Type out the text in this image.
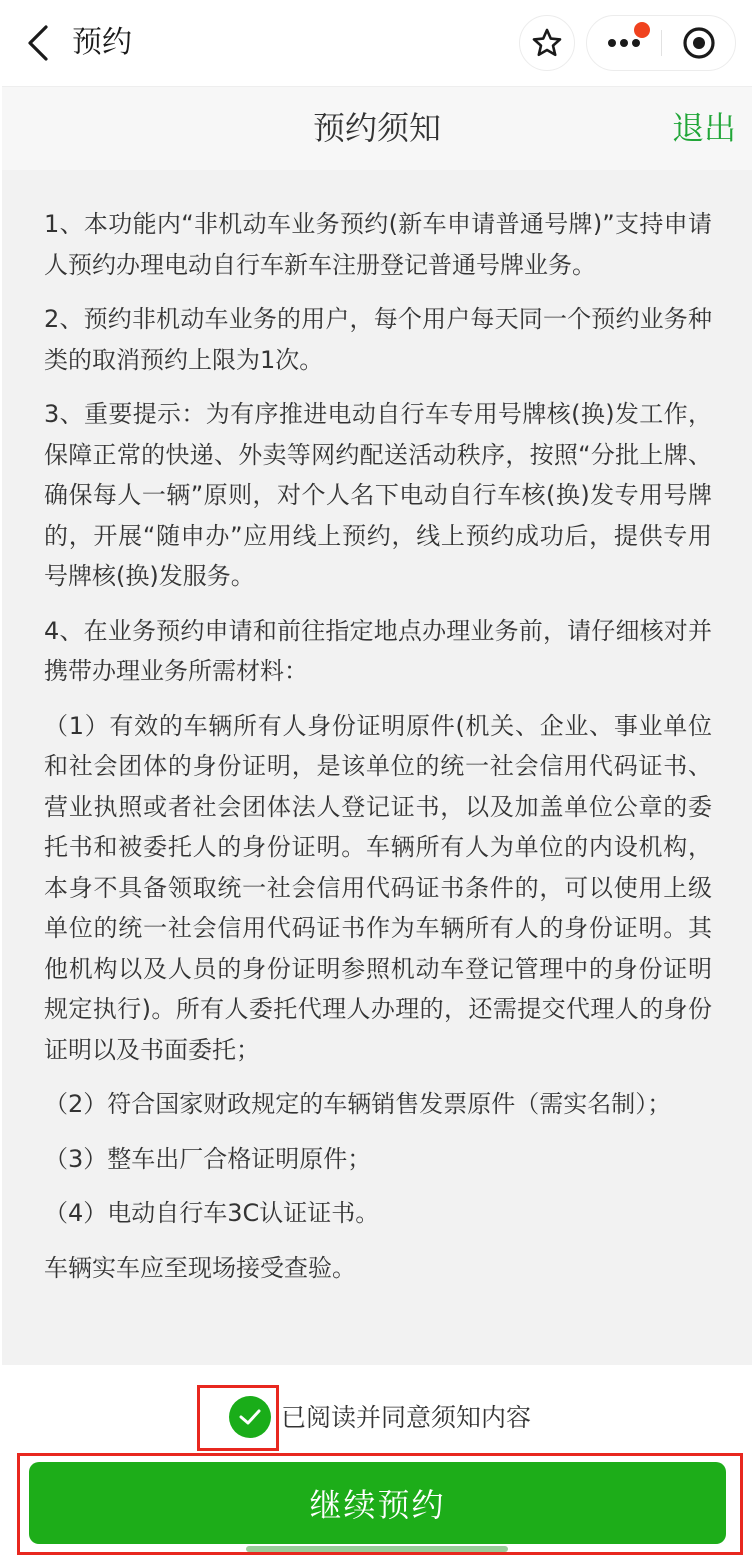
预约
预约须知	退出

1、本功能内“非机动车业务预约(新车申请普通号牌)”支持申请人预约办理电动自行车新车注册登记普通号牌业务。

2、预约非机动车业务的用户，每个用户每天同一个预约业务种类的取消预约上限为1次。

3、重要提示：为有序推进电动自行车专用号牌核(换)发工作，保障正常的快递、外卖等网约配送活动秩序，按照“分批上牌、确保每人一辆”原则，对个人名下电动自行车核(换)发专用号牌的，开展“随申办”应用线上预约，线上预约成功后，提供专用号牌核(换)发服务。

4、在业务预约申请和前往指定地点办理业务前，请仔细核对并携带办理业务所需材料：

（1）有效的车辆所有人身份证明原件(机关、企业、事业单位和社会团体的身份证明，是该单位的统一社会信用代码证书、营业执照或者社会团体法人登记证书，以及加盖单位公章的委托书和被委托人的身份证明。车辆所有人为单位的内设机构，本身不具备领取统一社会信用代码证书条件的，可以使用上级单位的统一社会信用代码证书作为车辆所有人的身份证明。其他机构以及人员的身份证明参照机动车登记管理中的身份证明规定执行)。所有人委托代理人办理的，还需提交代理人的身份证明以及书面委托；

（2）符合国家财政规定的车辆销售发票原件（需实名制）；

（3）整车出厂合格证明原件；

（4）电动自行车3C认证证书。

车辆实车应至现场接受查验。

已阅读并同意须知内容
继续预约
